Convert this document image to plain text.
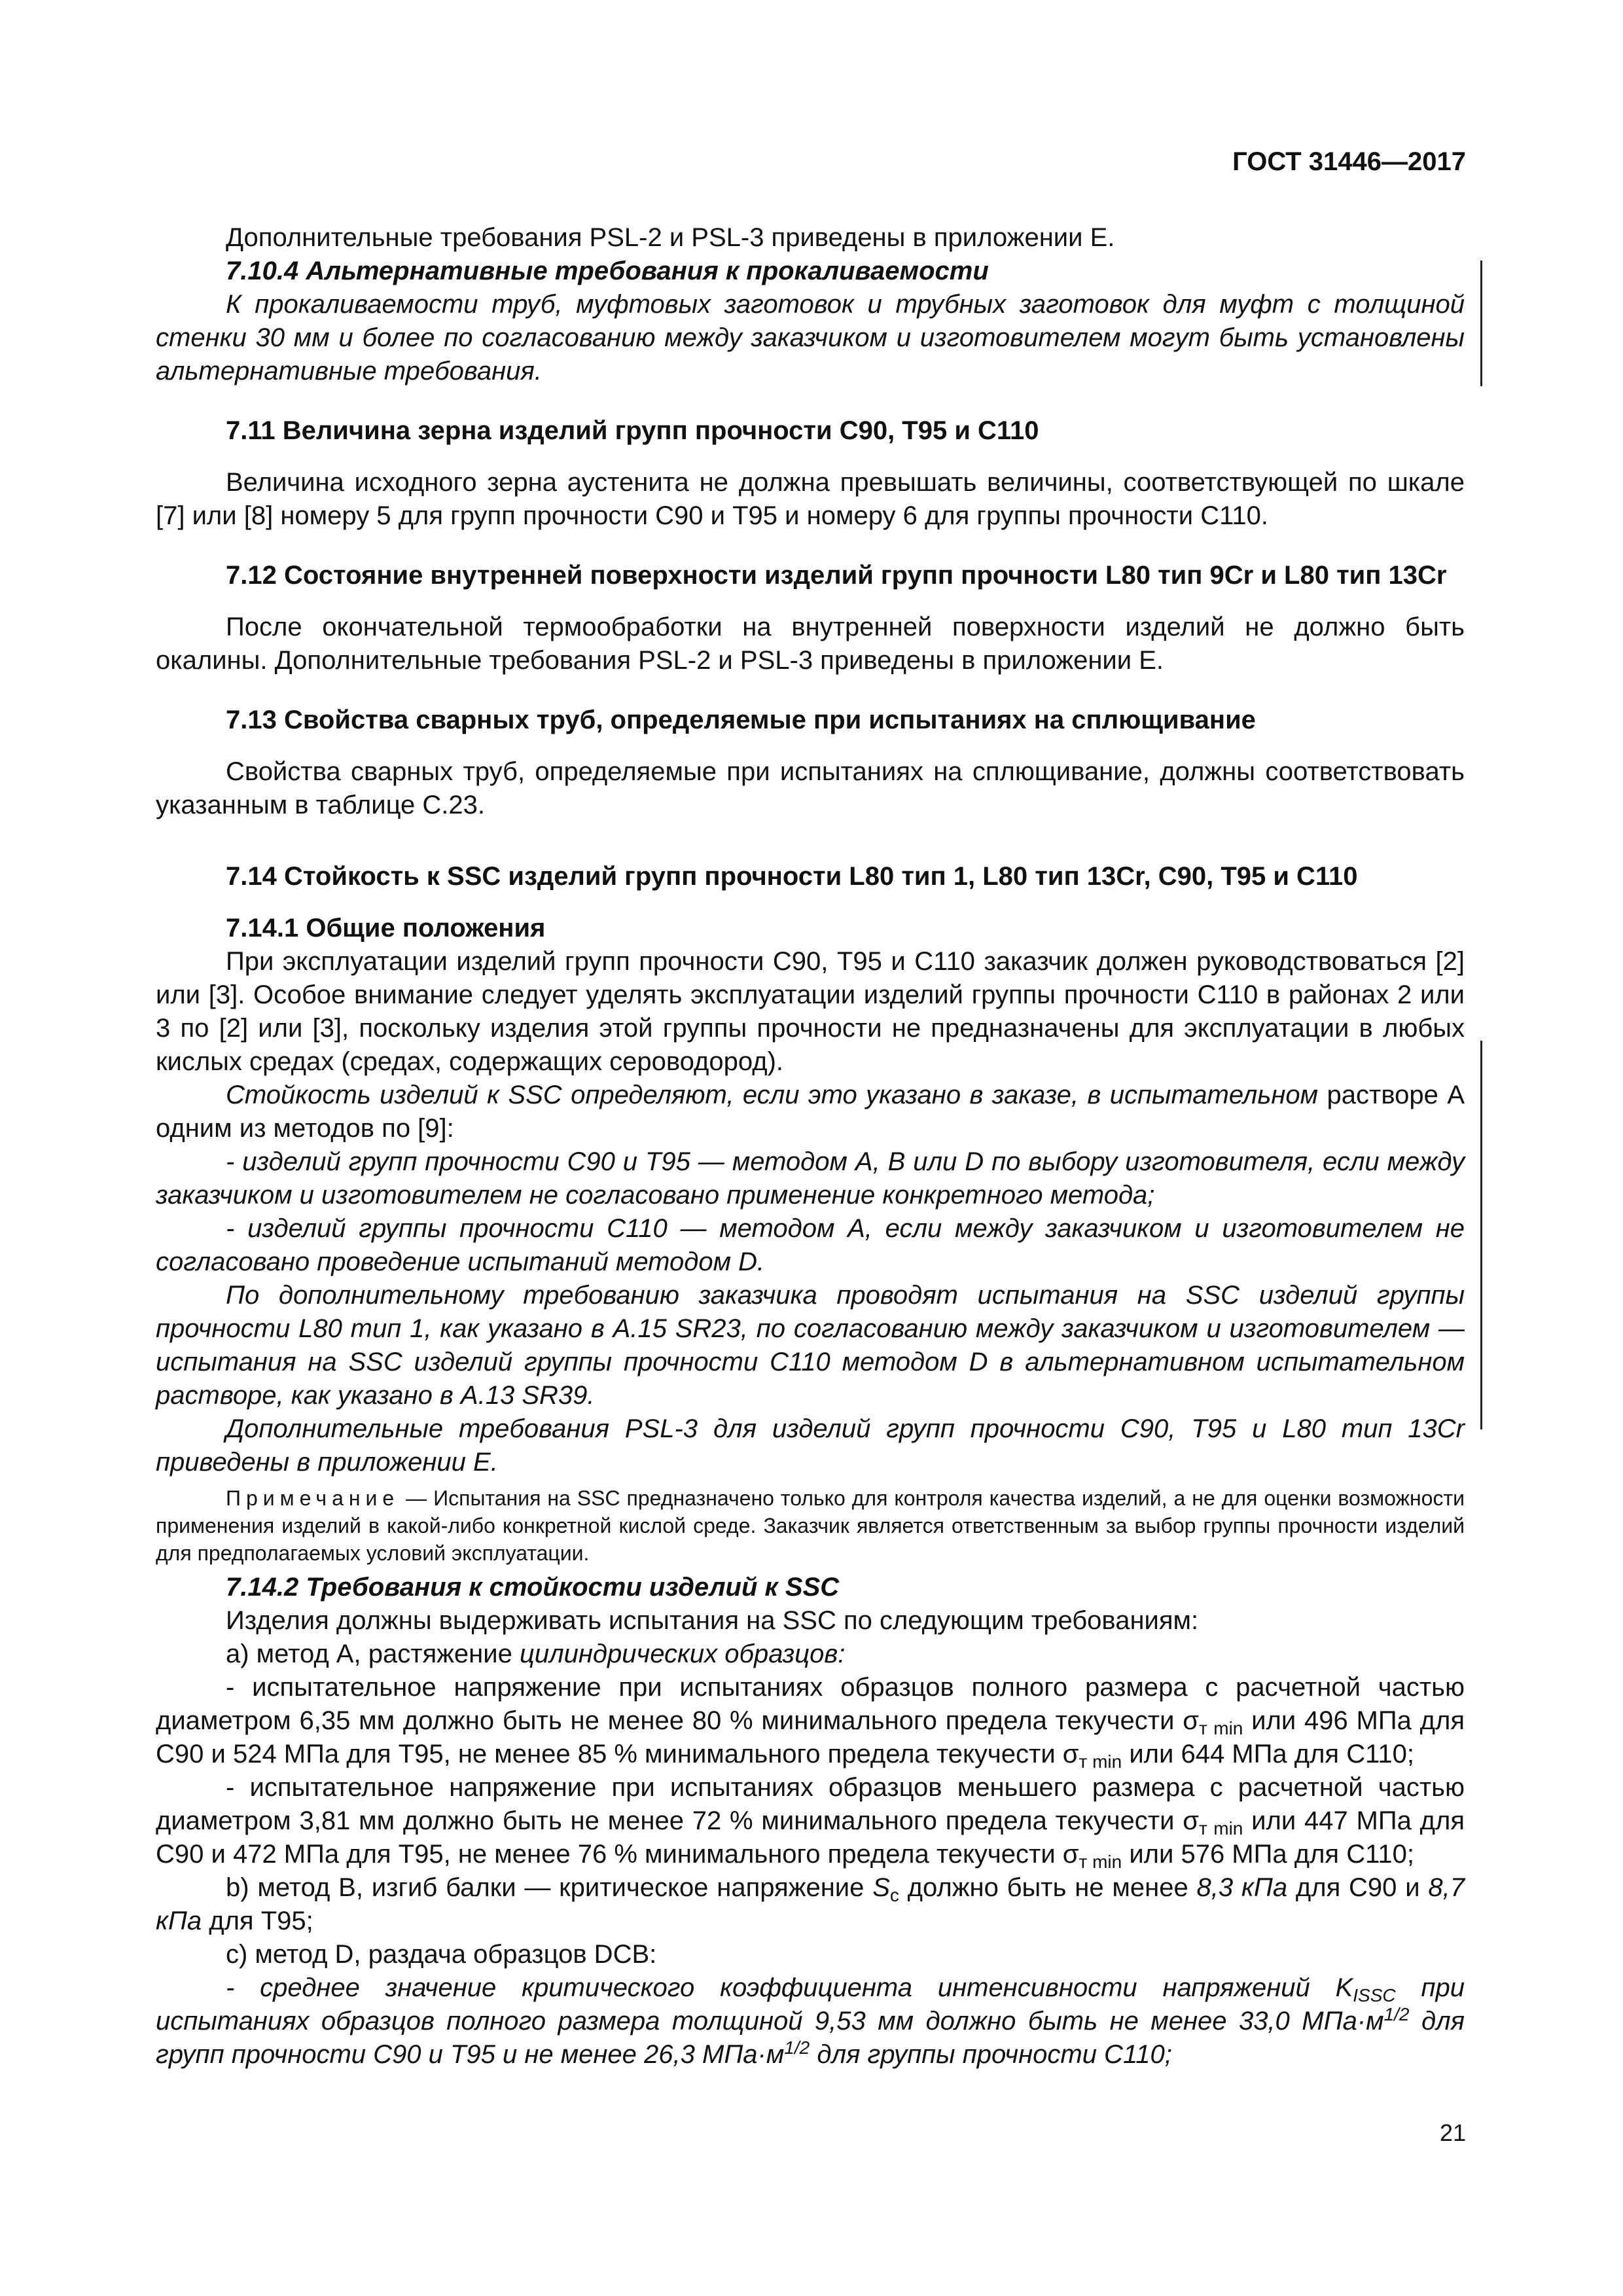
ГОСТ 31446—2017

Дополнительные требования PSL-2 и PSL-3 приведены в приложении Е.

7.10.4 Альтернативные требования к прокаливаемости

К прокаливаемости труб, муфтовых заготовок и трубных заготовок для муфт с толщиной стенки 30 мм и более по согласованию между заказчиком и изготовителем могут быть установлены альтернативные требования.

7.11 Величина зерна изделий групп прочности С90, Т95 и С110

Величина исходного зерна аустенита не должна превышать величины, соответствующей по шкале [7] или [8] номеру 5 для групп прочности С90 и Т95 и номеру 6 для группы прочности С110.

7.12 Состояние внутренней поверхности изделий групп прочности L80 тип 9Cr и L80 тип 13Cr

После окончательной термообработки на внутренней поверхности изделий не должно быть окалины. Дополнительные требования PSL-2 и PSL-3 приведены в приложении Е.

7.13 Свойства сварных труб, определяемые при испытаниях на сплющивание

Свойства сварных труб, определяемые при испытаниях на сплющивание, должны соответствовать указанным в таблице С.23.

7.14 Стойкость к SSC изделий групп прочности L80 тип 1, L80 тип 13Cr, С90, Т95 и С110

7.14.1 Общие положения

При эксплуатации изделий групп прочности С90, Т95 и С110 заказчик должен руководствоваться [2] или [3]. Особое внимание следует уделять эксплуатации изделий группы прочности С110 в районах 2 или 3 по [2] или [3], поскольку изделия этой группы прочности не предназначены для эксплуатации в любых кислых средах (средах, содержащих сероводород).

Стойкость изделий к SSC определяют, если это указано в заказе, в испытательном растворе А одним из методов по [9]:

- изделий групп прочности С90 и Т95 — методом А, В или D по выбору изготовителя, если между заказчиком и изготовителем не согласовано применение конкретного метода;

- изделий группы прочности С110 — методом А, если между заказчиком и изготовителем не согласовано проведение испытаний методом D.

По дополнительному требованию заказчика проводят испытания на SSC изделий группы прочности L80 тип 1, как указано в А.15 SR23, по согласованию между заказчиком и изготовителем — испытания на SSC изделий группы прочности С110 методом D в альтернативном испытательном растворе, как указано в А.13 SR39.

Дополнительные требования PSL-3 для изделий групп прочности С90, Т95 и L80 тип 13Cr приведены в приложении Е.

Примечание — Испытания на SSC предназначено только для контроля качества изделий, а не для оценки возможности применения изделий в какой-либо конкретной кислой среде. Заказчик является ответственным за выбор группы прочности изделий для предполагаемых условий эксплуатации.

7.14.2 Требования к стойкости изделий к SSC

Изделия должны выдерживать испытания на SSC по следующим требованиям:

а) метод А, растяжение цилиндрических образцов:

- испытательное напряжение при испытаниях образцов полного размера с расчетной частью диаметром 6,35 мм должно быть не менее 80 % минимального предела текучести $\sigma_{т min}$ или 496 МПа для С90 и 524 МПа для Т95, не менее 85 % минимального предела текучести $\sigma_{т min}$ или 644 МПа для С110;

- испытательное напряжение при испытаниях образцов меньшего размера с расчетной частью диаметром 3,81 мм должно быть не менее 72 % минимального предела текучести $\sigma_{т min}$ или 447 МПа для С90 и 472 МПа для Т95, не менее 76 % минимального предела текучести $\sigma_{т min}$ или 576 МПа для С110;

b) метод В, изгиб балки — критическое напряжение $S_c$ должно быть не менее 8,3 кПа для С90 и 8,7 кПа для Т95;

с) метод D, раздача образцов DCB:

- среднее значение критического коэффициента интенсивности напряжений $K_{ISSC}$ при испытаниях образцов полного размера толщиной 9,53 мм должно быть не менее 33,0 $МПа\cdot м^{1/2}$ для групп прочности С90 и Т95 и не менее 26,3 $МПа\cdot м^{1/2}$ для группы прочности С110;

21
